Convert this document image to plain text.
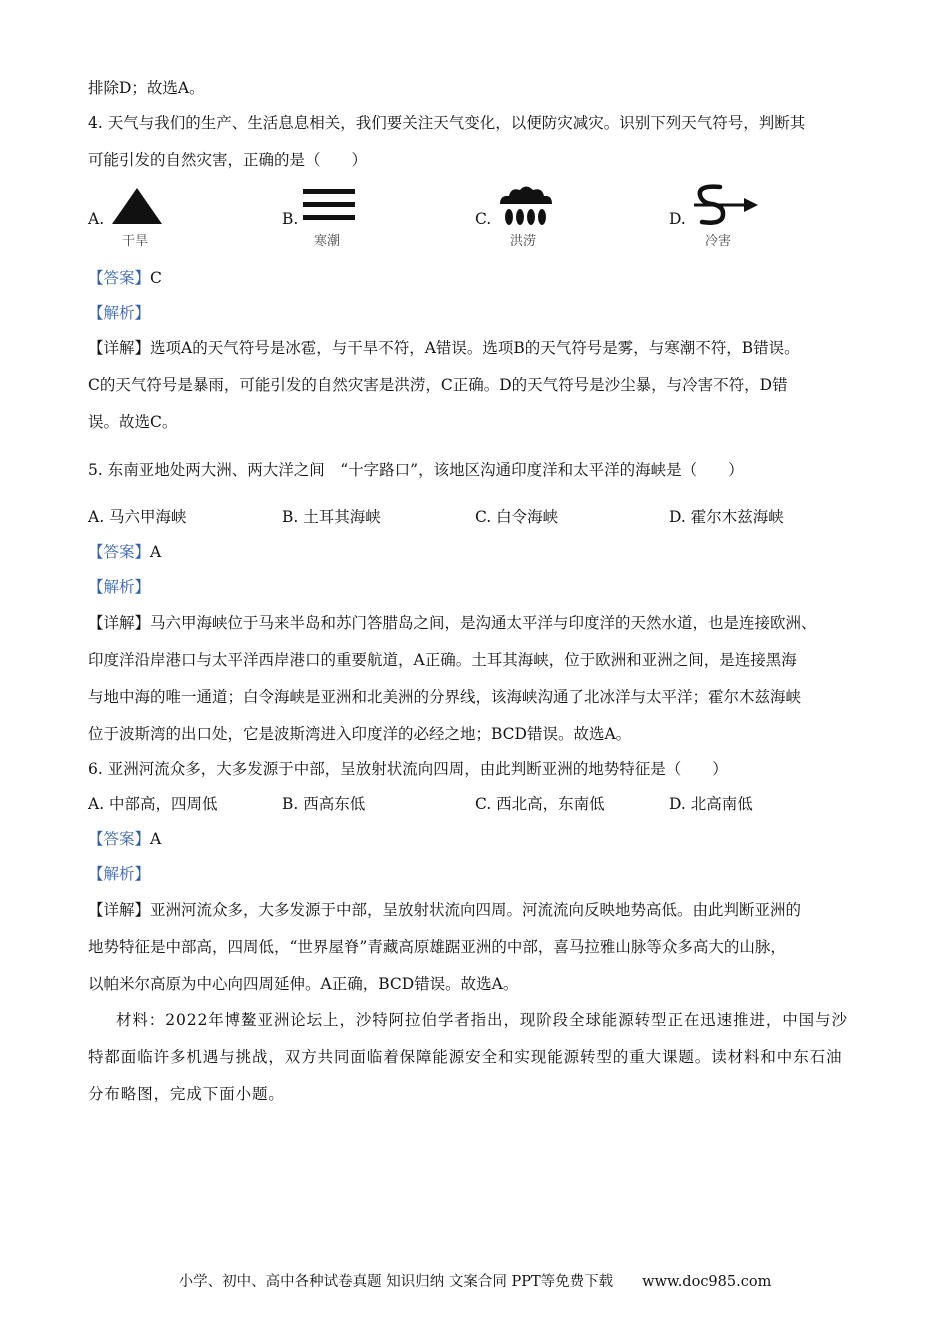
排除D；故选A。
4. 天气与我们的生产、生活息息相关，我们要关注天气变化，以便防灾减灾。识别下列天气符号，判断其
可能引发的自然灾害，正确的是（　　）
A.
干旱
B.
寒潮
C.
洪涝
D.
冷害
【答案】C
【解析】
【详解】选项A的天气符号是冰雹，与干旱不符，A错误。选项B的天气符号是雾，与寒潮不符，B错误。
C的天气符号是暴雨，可能引发的自然灾害是洪涝，C正确。D的天气符号是沙尘暴，与冷害不符，D错
误。故选C。
5. 东南亚地处两大洲、两大洋之间　“十字路口”，该地区沟通印度洋和太平洋的海峡是（　　）
A. 马六甲海峡	B. 土耳其海峡	C. 白令海峡	D. 霍尔木兹海峡
【答案】A
【解析】
【详解】马六甲海峡位于马来半岛和苏门答腊岛之间，是沟通太平洋与印度洋的天然水道，也是连接欧洲、
印度洋沿岸港口与太平洋西岸港口的重要航道，A正确。土耳其海峡，位于欧洲和亚洲之间，是连接黑海
与地中海的唯一通道；白令海峡是亚洲和北美洲的分界线，该海峡沟通了北冰洋与太平洋；霍尔木兹海峡
位于波斯湾的出口处，它是波斯湾进入印度洋的必经之地；BCD错误。故选A。
6. 亚洲河流众多，大多发源于中部，呈放射状流向四周，由此判断亚洲的地势特征是（　　）
A. 中部高，四周低	B. 西高东低	C. 西北高，东南低	D. 北高南低
【答案】A
【解析】
【详解】亚洲河流众多，大多发源于中部，呈放射状流向四周。河流流向反映地势高低。由此判断亚洲的
地势特征是中部高，四周低，“世界屋脊”青藏高原雄踞亚洲的中部，喜马拉雅山脉等众多高大的山脉，
以帕米尔高原为中心向四周延伸。A正确，BCD错误。故选A。
材料：2022年博鳌亚洲论坛上，沙特阿拉伯学者指出，现阶段全球能源转型正在迅速推进，中国与沙
特都面临许多机遇与挑战，双方共同面临着保障能源安全和实现能源转型的重大课题。读材料和中东石油
分布略图，完成下面小题。
小学、初中、高中各种试卷真题 知识归纳 文案合同 PPT等免费下载　　www.doc985.com
